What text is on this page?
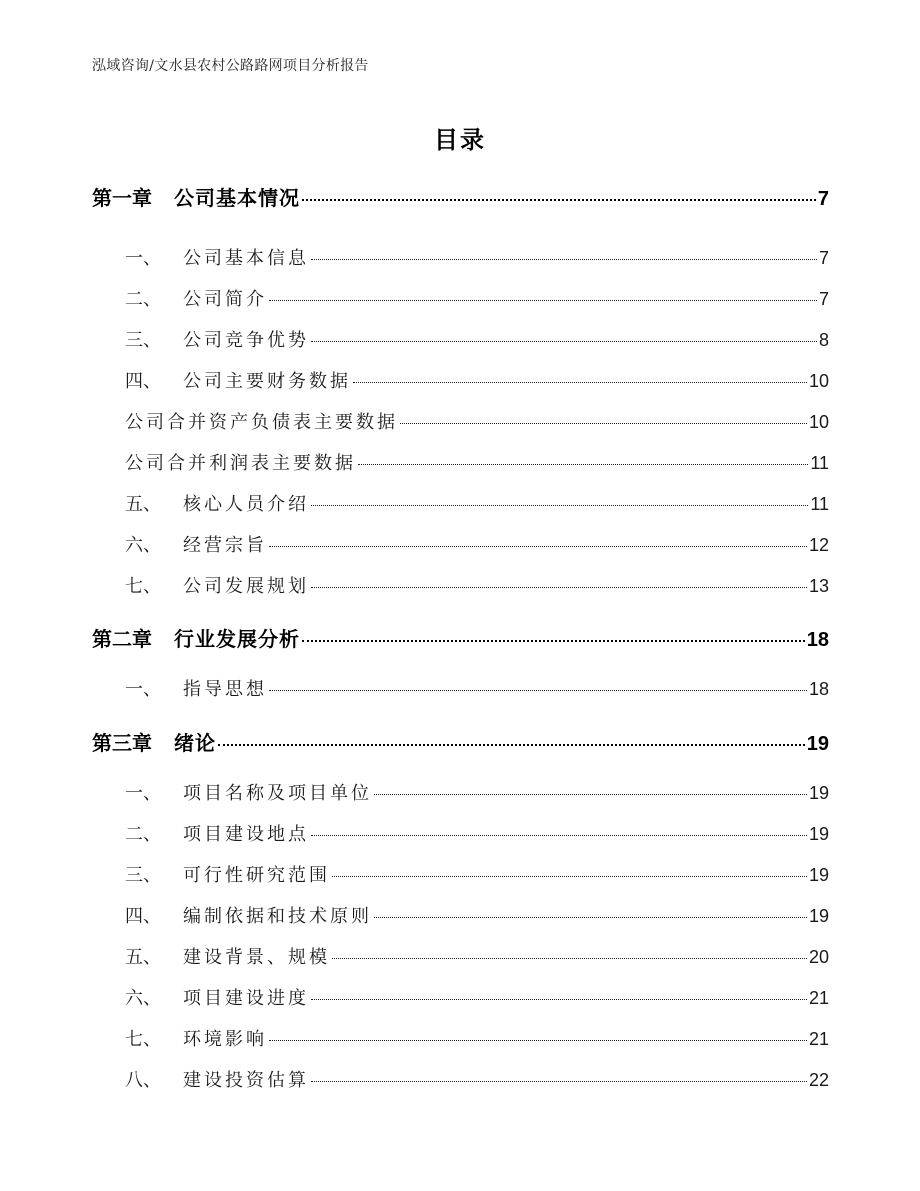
泓域咨询/文水县农村公路路网项目分析报告
目录
第一章 公司基本情况	7
一、 公司基本信息	7
二、 公司简介	7
三、 公司竞争优势	8
四、 公司主要财务数据	10
公司合并资产负债表主要数据	10
公司合并利润表主要数据	11
五、 核心人员介绍	11
六、 经营宗旨	12
七、 公司发展规划	13
第二章 行业发展分析	18
一、 指导思想	18
第三章 绪论	19
一、 项目名称及项目单位	19
二、 项目建设地点	19
三、 可行性研究范围	19
四、 编制依据和技术原则	19
五、 建设背景、规模	20
六、 项目建设进度	21
七、 环境影响	21
八、 建设投资估算	22
